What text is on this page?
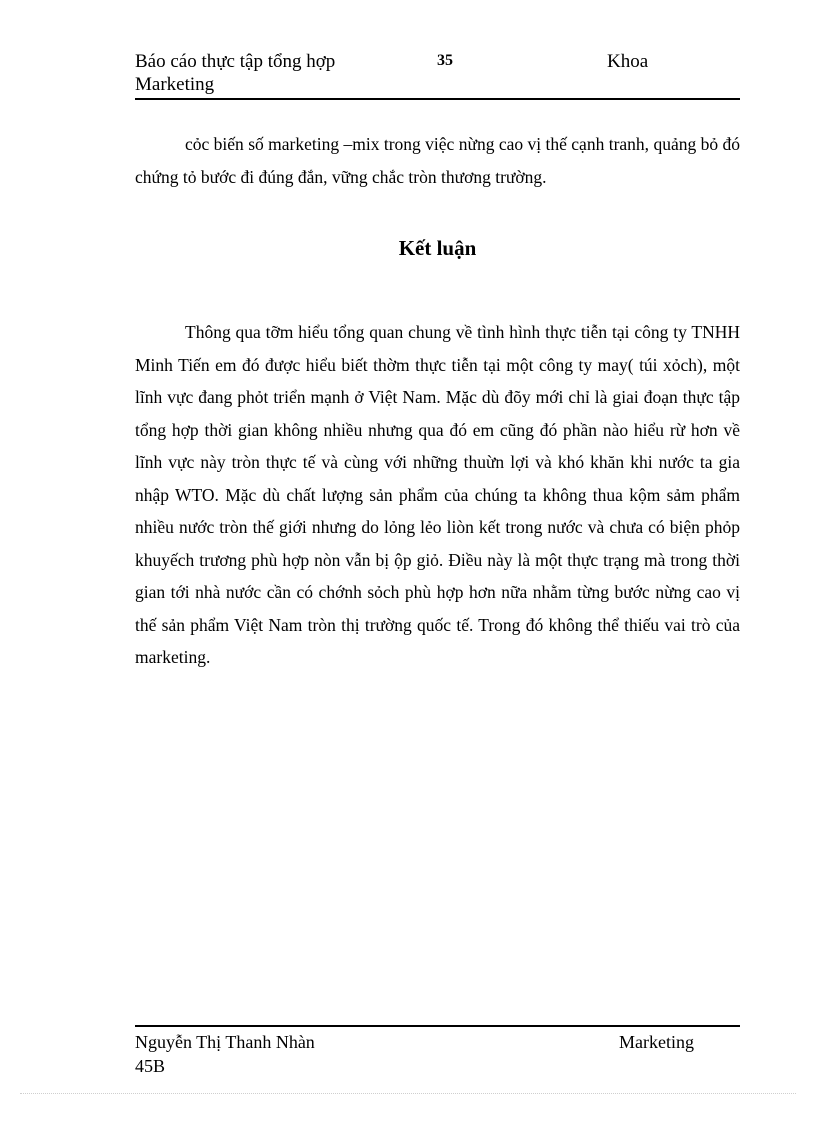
Báo cáo thực tập tổng hợp
Marketing
35	Khoa

cỏc biến số marketing –mix trong việc nừng cao vị thế cạnh tranh, quảng bỏ đó chứng tỏ bước đi đúng đắn, vững chắc tròn thương trường.

Kết luận

Thông qua tỡm hiểu tổng quan chung về tình hình thực tiễn tại công ty TNHH Minh Tiến em đó được hiểu biết thờm thực tiễn tại một công ty may( túi xỏch), một lĩnh vực đang phỏt triển mạnh ở Việt Nam. Mặc dù đõy mới chỉ là giai đoạn thực tập tổng hợp thời gian không nhiều nhưng qua đó em cũng đó phần nào hiểu rừ hơn về lĩnh vực này tròn thực tế và cùng với những thuừn lợi và khó khăn khi nước ta gia nhập WTO. Mặc dù chất lượng sản phẩm của chúng ta không thua kộm sảm phẩm nhiều nước tròn thế giới nhưng do lỏng lẻo liòn kết trong nước và chưa có biện phỏp khuyếch trương phù hợp nòn vẫn bị ộp giỏ. Điều này là một thực trạng mà trong thời gian tới nhà nước cần có chớnh sỏch phù hợp hơn nữa nhằm từng bước nừng cao vị thế sản phẩm Việt Nam tròn thị trường quốc tế. Trong đó không thể thiếu vai trò của marketing.

Nguyễn Thị Thanh Nhàn
45B
Marketing
